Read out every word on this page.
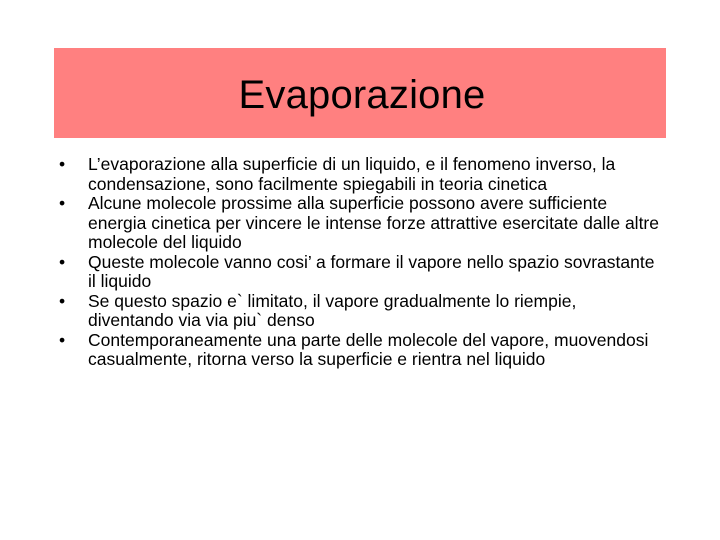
Evaporazione
• L’evaporazione alla superficie di un liquido, e il fenomeno inverso, la condensazione, sono facilmente spiegabili in teoria cinetica
• Alcune molecole prossime alla superficie possono avere sufficiente energia cinetica per vincere le intense forze attrattive esercitate dalle altre molecole del liquido
• Queste molecole vanno cosi’ a formare il vapore nello spazio sovrastante il liquido
• Se questo spazio e` limitato, il vapore gradualmente lo riempie, diventando via via piu` denso
• Contemporaneamente una parte delle molecole del vapore, muovendosi casualmente, ritorna verso la superficie e rientra nel liquido
